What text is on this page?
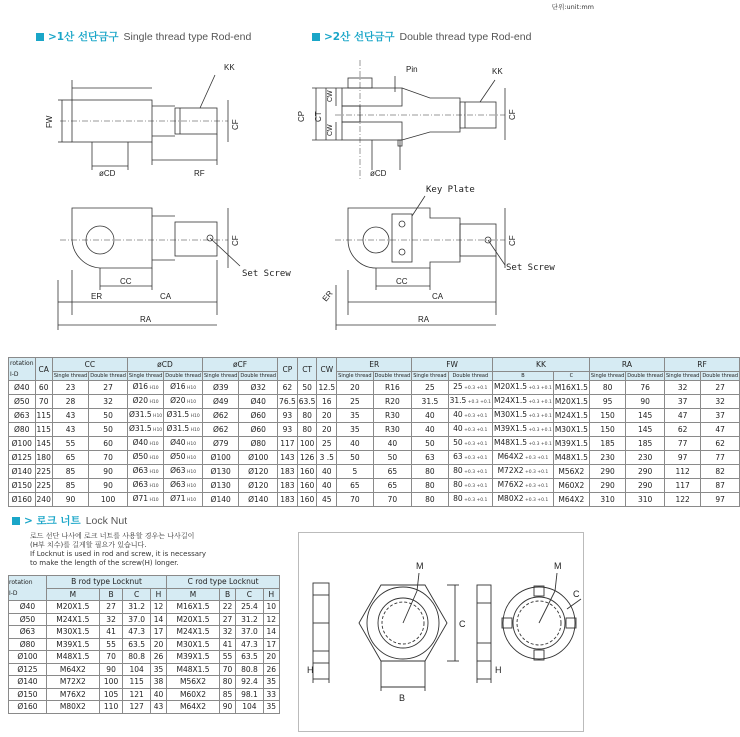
단위:unit:mm
>1산 선단금구 Single thread type Rod-end	>2산 선단금구 Double thread type Rod-end
KK
FW	CF
øCD	RF
CF
CC
ER	CA
RA
Set Screw
Pin	KK
CP CT
CW
CW
CF
øCD
Key Plate
CF
CC
ER	CA
RA
Set Screw
rotation
I-D	CA	CC		øCD		øCF		CP	CT	CW	ER		FW		KK		RA		RF	
		Single thread	Double thread	Single thread	Double thread	Single thread	Double thread				Single thread	Double thread	Single thread	Double thread	B	C	Single thread	Double thread	Single thread	Double thread
Ø40	60	23	27	Ø16 H10	Ø16 H10	Ø39	Ø32	62	50	12.5	20	R16	25	25 +0.3 +0.1	M20X1.5 +0.3 +0.1	M16X1.5	80	76	32	27
Ø50	70	28	32	Ø20 H10	Ø20 H10	Ø49	Ø40	76.5	63.5	16	25	R20	31.5	31.5 +0.3 +0.1	M24X1.5 +0.3 +0.1	M20X1.5	95	90	37	32
Ø63	115	43	50	Ø31.5 H10	Ø31.5 H10	Ø62	Ø60	93	80	20	35	R30	40	40 +0.3 +0.1	M30X1.5 +0.3 +0.1	M24X1.5	150	145	47	37
Ø80	115	43	50	Ø31.5 H10	Ø31.5 H10	Ø62	Ø60	93	80	20	35	R30	40	40 +0.3 +0.1	M39X1.5 +0.3 +0.1	M30X1.5	150	145	62	47
Ø100	145	55	60	Ø40 H10	Ø40 H10	Ø79	Ø80	117	100	25	40	40	50	50 +0.3 +0.1	M48X1.5 +0.3 +0.1	M39X1.5	185	185	77	62
Ø125	180	65	70	Ø50 H10	Ø50 H10	Ø100	Ø100	143	126	3 .5	50	50	63	63 +0.3 +0.1	M64X2 +0.3 +0.1	M48X1.5	230	230	97	77
Ø140	225	85	90	Ø63 H10	Ø63 H10	Ø130	Ø120	183	160	40	5	65	80	80 +0.3 +0.1	M72X2 +0.3 +0.1	M56X2	290	290	112	82
Ø150	225	85	90	Ø63 H10	Ø63 H10	Ø130	Ø120	183	160	40	65	65	80	80 +0.3 +0.1	M76X2 +0.3 +0.1	M60X2	290	290	117	87
Ø160	240	90	100	Ø71 H10	Ø71 H10	Ø140	Ø140	183	160	45	70	70	80	80 +0.3 +0.1	M80X2 +0.3 +0.1	M64X2	310	310	122	97
> 로크 너트 Lock Nut
로드 선단 나사에 로크 너트를 사용할 경우는 나사길이
(H부 치수)를 길게할 필요가 있습니다.
If Locknut is used in rod and screw, it is necessary
to make the length of the screw(H) longer.
rotation
I-D	B rod type Locknut				C rod type Locknut			
	M	B	C	H	M	B	C	H
Ø40	M20X1.5	27	31.2	12	M16X1.5	22	25.4	10
Ø50	M24X1.5	32	37.0	14	M20X1.5	27	31.2	12
Ø63	M30X1.5	41	47.3	17	M24X1.5	32	37.0	14
Ø80	M39X1.5	55	63.5	20	M30X1.5	41	47.3	17
Ø100	M48X1.5	70	80.8	26	M39X1.5	55	63.5	20
Ø125	M64X2	90	104	35	M48X1.5	70	80.8	26
Ø140	M72X2	100	115	38	M56X2	80	92.4	35
Ø150	M76X2	105	121	40	M60X2	85	98.1	33
Ø160	M80X2	110	127	43	M64X2	90	104	35
H
M
C
B
H
M
C
